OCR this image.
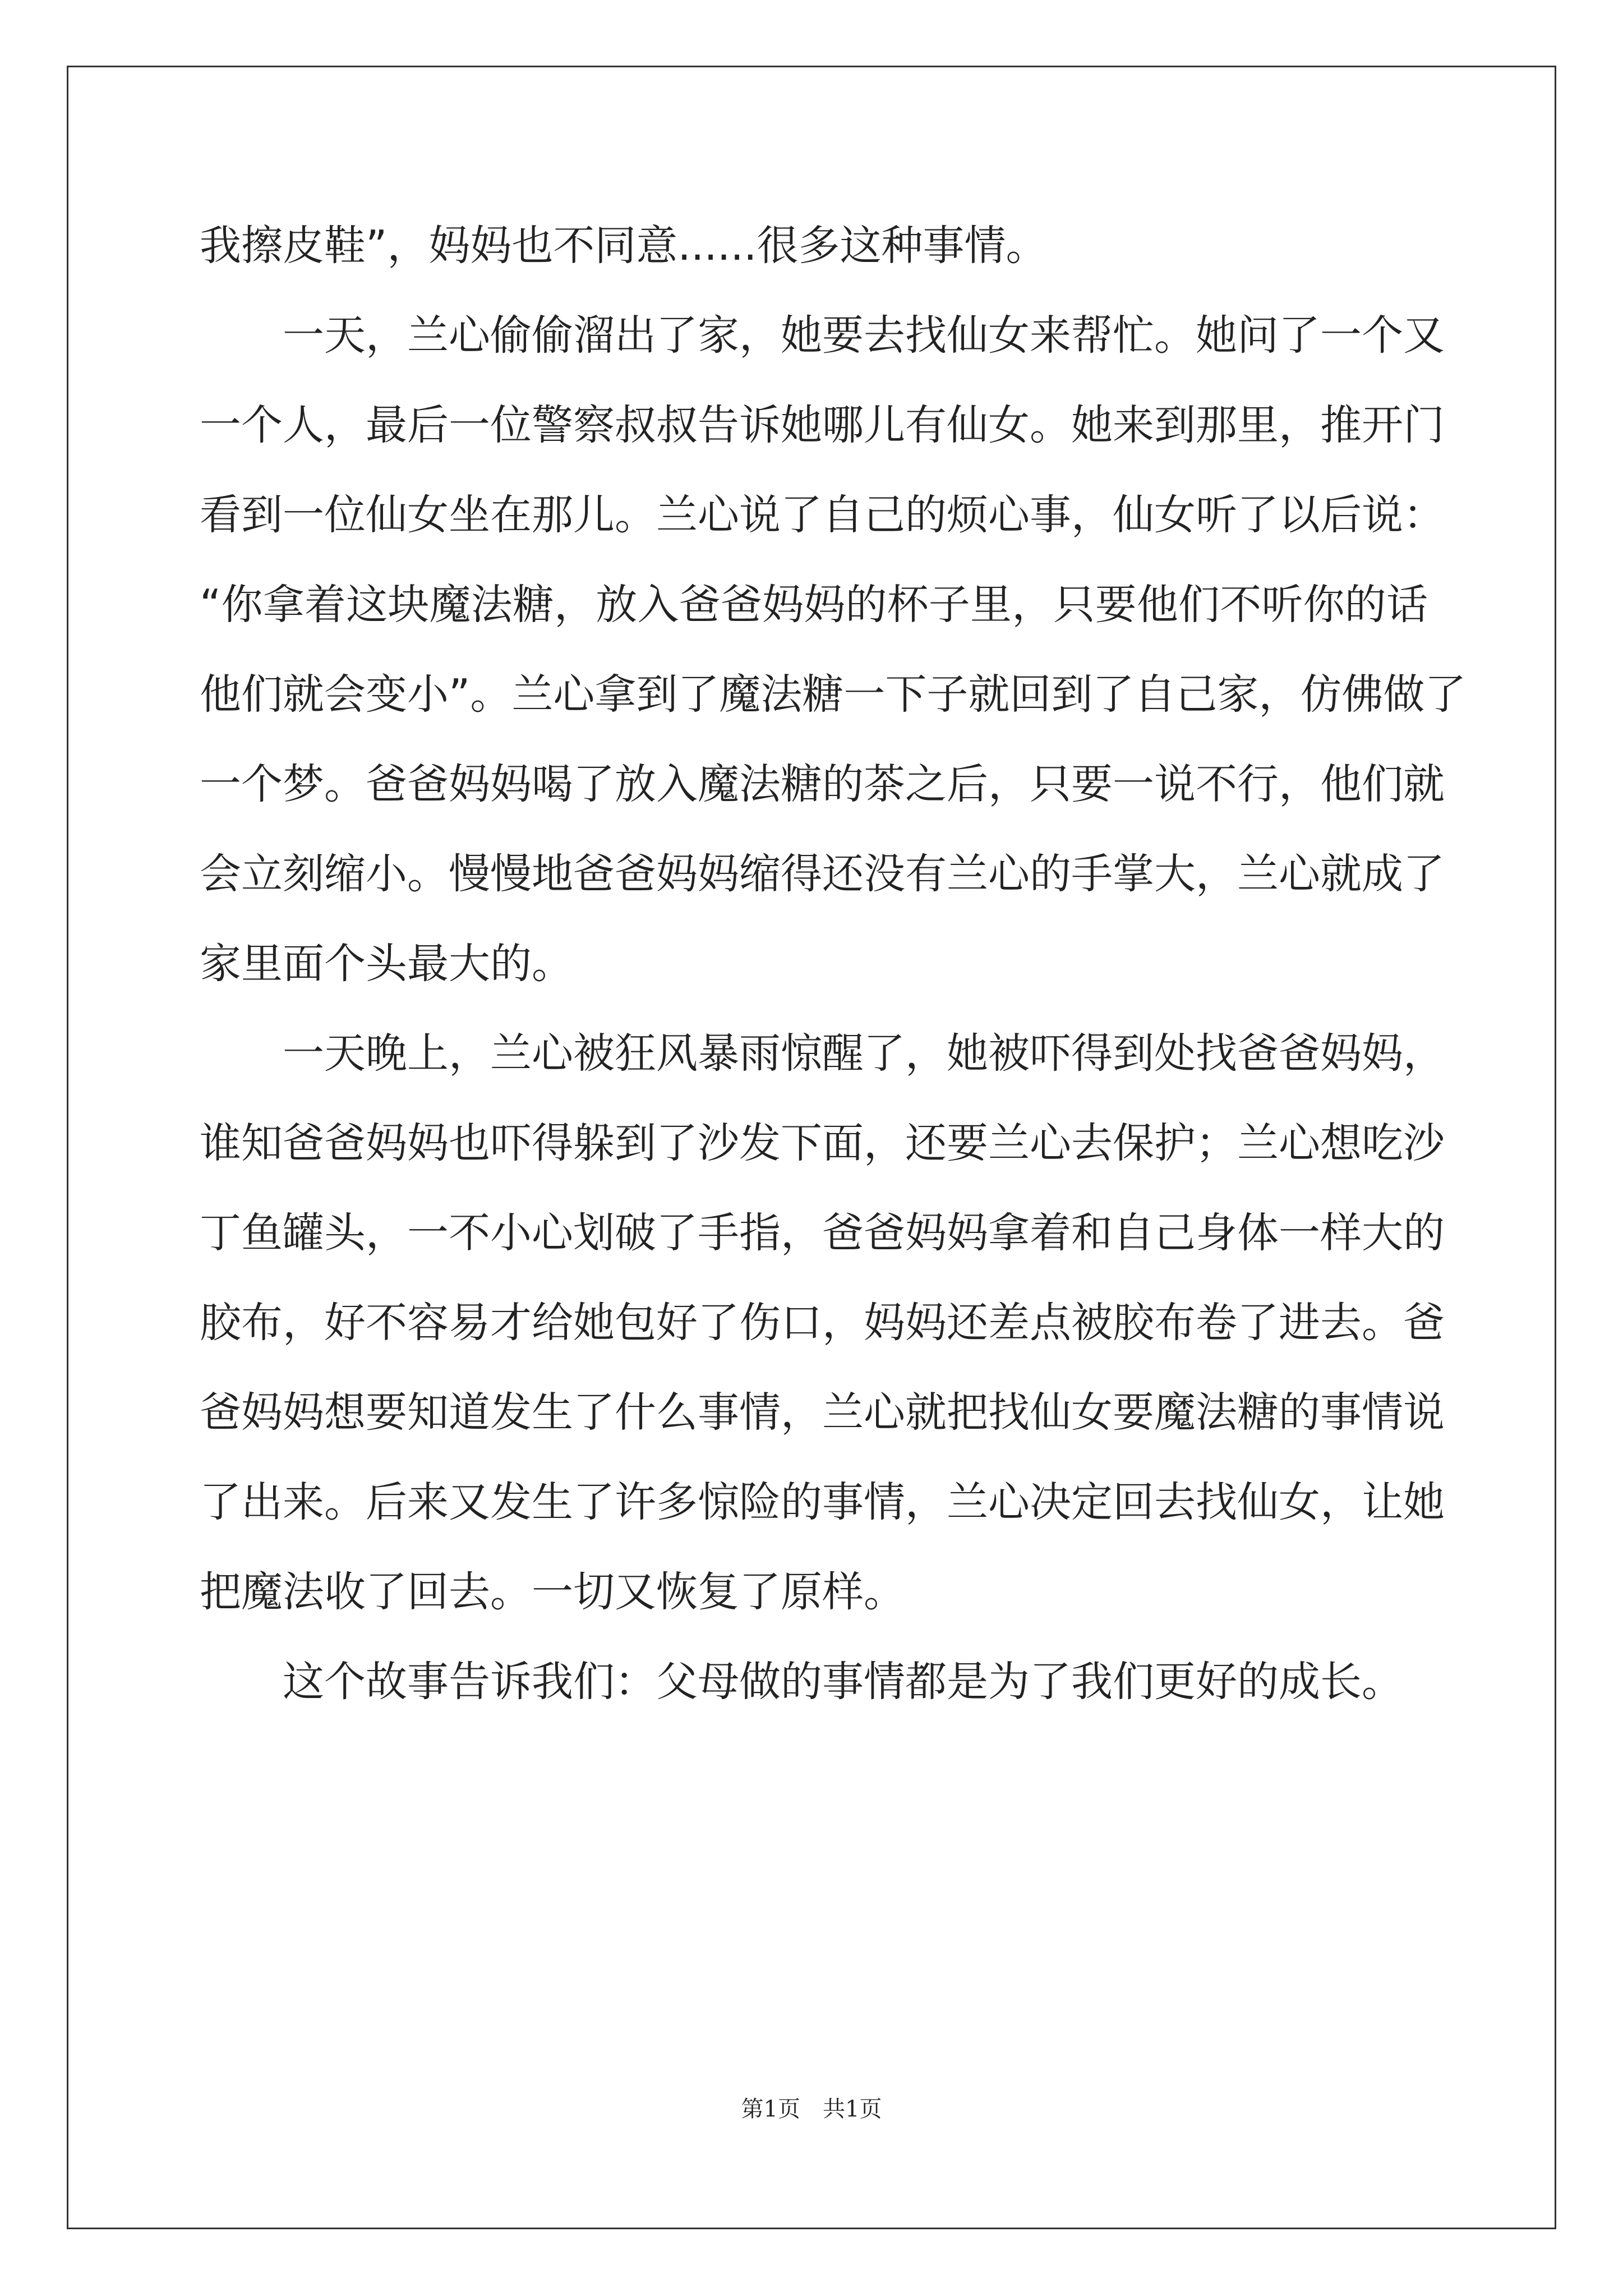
我擦皮鞋”，妈妈也不同意......很多这种事情。

一天，兰心偷偷溜出了家，她要去找仙女来帮忙。她问了一个又
一个人，最后一位警察叔叔告诉她哪儿有仙女。她来到那里，推开门
看到一位仙女坐在那儿。兰心说了自己的烦心事，仙女听了以后说：
“你拿着这块魔法糖，放入爸爸妈妈的杯子里，只要他们不听你的话
他们就会变小”。兰心拿到了魔法糖一下子就回到了自己家，仿佛做了
一个梦。爸爸妈妈喝了放入魔法糖的茶之后，只要一说不行，他们就
会立刻缩小。慢慢地爸爸妈妈缩得还没有兰心的手掌大，兰心就成了
家里面个头最大的。

一天晚上，兰心被狂风暴雨惊醒了，她被吓得到处找爸爸妈妈，
谁知爸爸妈妈也吓得躲到了沙发下面，还要兰心去保护；兰心想吃沙
丁鱼罐头，一不小心划破了手指，爸爸妈妈拿着和自己身体一样大的
胶布，好不容易才给她包好了伤口，妈妈还差点被胶布卷了进去。爸
爸妈妈想要知道发生了什么事情，兰心就把找仙女要魔法糖的事情说
了出来。后来又发生了许多惊险的事情，兰心决定回去找仙女，让她
把魔法收了回去。一切又恢复了原样。

这个故事告诉我们：父母做的事情都是为了我们更好的成长。

第1页　共1页
